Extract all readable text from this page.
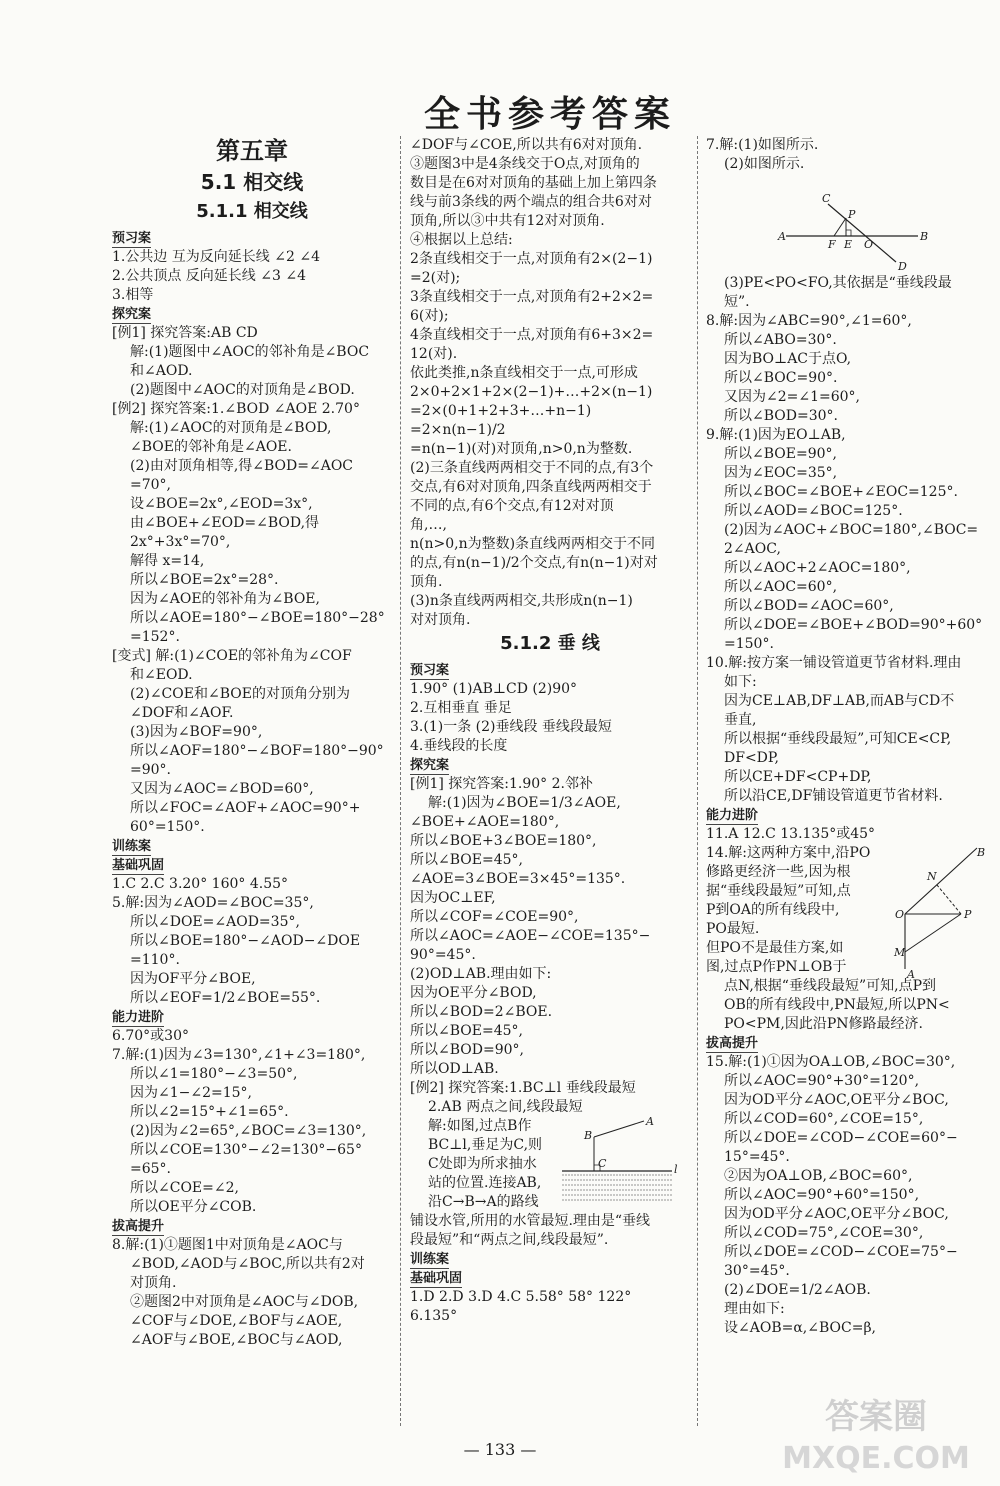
全书参考答案
第五章
5.1 相交线
5.1.1 相交线
预习案
1.公共边 互为反向延长线 ∠2 ∠4
2.公共顶点 反向延长线 ∠3 ∠4
3.相等
探究案
[例1] 探究答案:AB CD
解:(1)题图中∠AOC的邻补角是∠BOC
和∠AOD.
(2)题图中∠AOC的对顶角是∠BOD.
[例2] 探究答案:1.∠BOD ∠AOE 2.70°
解:(1)∠AOC的对顶角是∠BOD,
∠BOE的邻补角是∠AOE.
(2)由对顶角相等,得∠BOD=∠AOC
=70°,
设∠BOE=2x°,∠EOD=3x°,
由∠BOE+∠EOD=∠BOD,得
2x°+3x°=70°,
解得 x=14,
所以∠BOE=2x°=28°.
因为∠AOE的邻补角为∠BOE,
所以∠AOE=180°−∠BOE=180°−28°
=152°.
[变式] 解:(1)∠COE的邻补角为∠COF
和∠EOD.
(2)∠COE和∠BOE的对顶角分别为
∠DOF和∠AOF.
(3)因为∠BOF=90°,
所以∠AOF=180°−∠BOF=180°−90°
=90°.
又因为∠AOC=∠BOD=60°,
所以∠FOC=∠AOF+∠AOC=90°+
60°=150°.
训练案
基础巩固
1.C 2.C 3.20° 160° 4.55°
5.解:因为∠AOD=∠BOC=35°,
所以∠DOE=∠AOD=35°,
所以∠BOE=180°−∠AOD−∠DOE
=110°.
因为OF平分∠BOE,
所以∠EOF=1/2∠BOE=55°.
能力进阶
6.70°或30°
7.解:(1)因为∠3=130°,∠1+∠3=180°,
所以∠1=180°−∠3=50°,
因为∠1−∠2=15°,
所以∠2=15°+∠1=65°.
(2)因为∠2=65°,∠BOC=∠3=130°,
所以∠COE=130°−∠2=130°−65°
=65°.
所以∠COE=∠2,
所以OE平分∠COB.
拔高提升
8.解:(1)①题图1中对顶角是∠AOC与
∠BOD,∠AOD与∠BOC,所以共有2对
对顶角.
②题图2中对顶角是∠AOC与∠DOB,
∠COF与∠DOE,∠BOF与∠AOE,
∠AOF与∠BOE,∠BOC与∠AOD,
∠DOF与∠COE,所以共有6对对顶角.
③题图3中是4条线交于O点,对顶角的
数目是在6对对顶角的基础上加上第四条
线与前3条线的两个端点的组合共6对对
顶角,所以③中共有12对对顶角.
④根据以上总结:
2条直线相交于一点,对顶角有2×(2−1)
=2(对);
3条直线相交于一点,对顶角有2+2×2=
6(对);
4条直线相交于一点,对顶角有6+3×2=
12(对).
依此类推,n条直线相交于一点,可形成
2×0+2×1+2×(2−1)+…+2×(n−1)
=2×(0+1+2+3+…+n−1)
=2×n(n−1)/2
=n(n−1)(对)对顶角,n>0,n为整数.
(2)三条直线两两相交于不同的点,有3个
交点,有6对对顶角,四条直线两两相交于
不同的点,有6个交点,有12对对顶
角,…,
n(n>0,n为整数)条直线两两相交于不同
的点,有n(n−1)/2个交点,有n(n−1)对对
顶角.
(3)n条直线两两相交,共形成n(n−1)
对对顶角.
5.1.2 垂 线
预习案
1.90° (1)AB⊥CD (2)90°
2.互相垂直 垂足
3.(1)一条 (2)垂线段 垂线段最短
4.垂线段的长度
探究案
[例1] 探究答案:1.90° 2.邻补
解:(1)因为∠BOE=1/3∠AOE,
∠BOE+∠AOE=180°,
所以∠BOE+3∠BOE=180°,
所以∠BOE=45°,
∠AOE=3∠BOE=3×45°=135°.
因为OC⊥EF,
所以∠COF=∠COE=90°,
所以∠AOC=∠AOE−∠COE=135°−
90°=45°.
(2)OD⊥AB.理由如下:
因为OE平分∠BOD,
所以∠BOD=2∠BOE.
所以∠BOE=45°,
所以∠BOD=90°,
所以OD⊥AB.
[例2] 探究答案:1.BC⊥l 垂线段最短
2.AB 两点之间,线段最短
B
A
C	l
解:如图,过点B作
BC⊥l,垂足为C,则
C处即为所求抽水
站的位置.连接AB,
沿C→B→A的路线
铺设水管,所用的水管最短.理由是“垂线
段最短”和“两点之间,线段最短”.
训练案
基础巩固
1.D 2.D 3.D 4.C 5.58° 58° 122°
6.135°
7.解:(1)如图所示.
(2)如图所示.
C
A	B
D
P
F E O
(3)PE<PO<FO,其依据是“垂线段最
短”.
8.解:因为∠ABC=90°,∠1=60°,
所以∠ABO=30°.
因为BO⊥AC于点O,
所以∠BOC=90°.
又因为∠2=∠1=60°,
所以∠BOD=30°.
9.解:(1)因为EO⊥AB,
所以∠BOE=90°,
因为∠EOC=35°,
所以∠BOC=∠BOE+∠EOC=125°.
所以∠AOD=∠BOC=125°.
(2)因为∠AOC+∠BOC=180°,∠BOC=
2∠AOC,
所以∠AOC+2∠AOC=180°,
所以∠AOC=60°,
所以∠BOD=∠AOC=60°,
所以∠DOE=∠BOE+∠BOD=90°+60°
=150°.
10.解:按方案一铺设管道更节省材料.理由
如下:
因为CE⊥AB,DF⊥AB,而AB与CD不
垂直,
所以根据“垂线段最短”,可知CE<CP,
DF<DP,
所以CE+DF<CP+DP,
所以沿CE,DF铺设管道更节省材料.
能力进阶
11.A 12.C 13.135°或45°
O	P
N
M
A
B
14.解:这两种方案中,沿PO
修路更经济一些,因为根
据“垂线段最短”可知,点
P到OA的所有线段中,
PO最短.
但PO不是最佳方案,如
图,过点P作PN⊥OB于
点N,根据“垂线段最短”可知,点P到
OB的所有线段中,PN最短,所以PN<
PO<PM,因此沿PN修路最经济.
拔高提升
15.解:(1)①因为OA⊥OB,∠BOC=30°,
所以∠AOC=90°+30°=120°,
因为OD平分∠AOC,OE平分∠BOC,
所以∠COD=60°,∠COE=15°,
所以∠DOE=∠COD−∠COE=60°−
15°=45°.
②因为OA⊥OB,∠BOC=60°,
所以∠AOC=90°+60°=150°,
因为OD平分∠AOC,OE平分∠BOC,
所以∠COD=75°,∠COE=30°,
所以∠DOE=∠COD−∠COE=75°−
30°=45°.
(2)∠DOE=1/2∠AOB.
理由如下:
设∠AOB=α,∠BOC=β,
— 133 —
答案圈
MXQE.COM
